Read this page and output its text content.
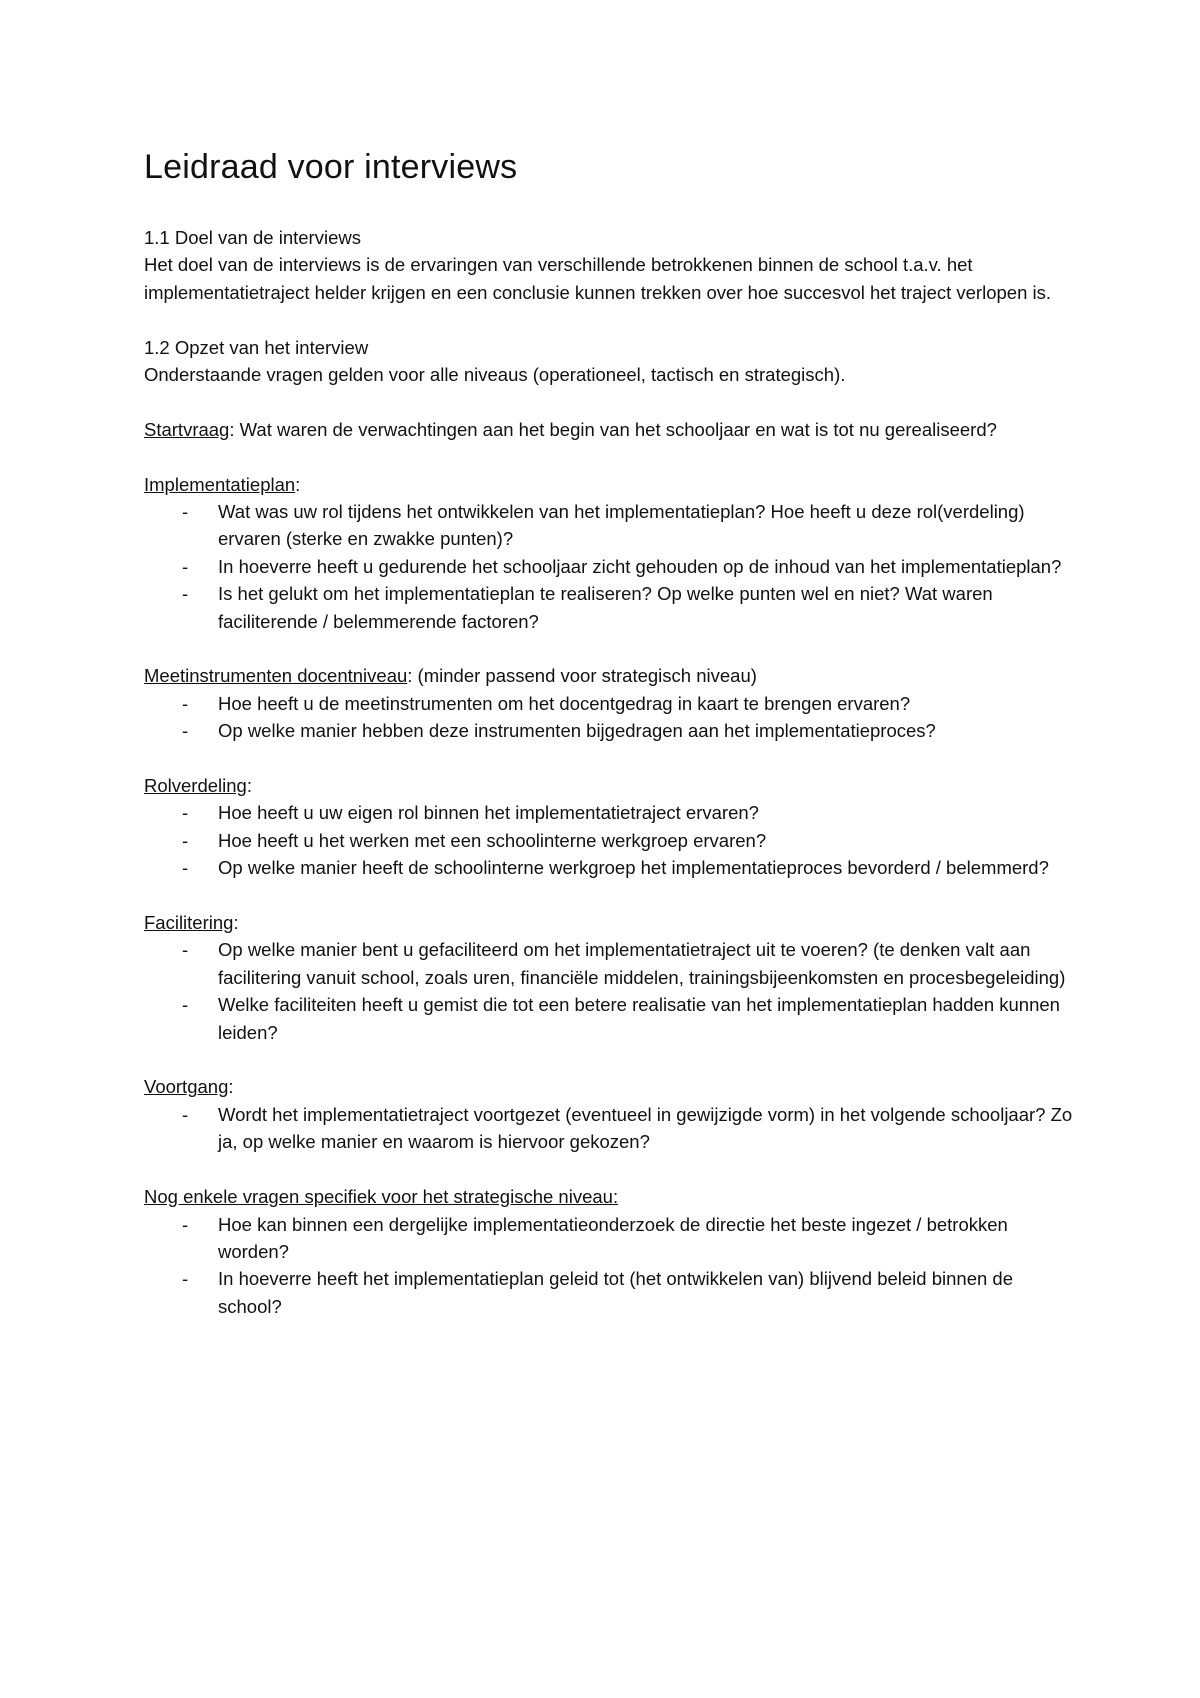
Leidraad voor interviews

1.1 Doel van de interviews

Het doel van de interviews is de ervaringen van verschillende betrokkenen binnen de school t.a.v. het implementatietraject helder krijgen en een conclusie kunnen trekken over hoe succesvol het traject verlopen is.

1.2 Opzet van het interview

Onderstaande vragen gelden voor alle niveaus (operationeel, tactisch en strategisch).

Startvraag: Wat waren de verwachtingen aan het begin van het schooljaar en wat is tot nu gerealiseerd?

Implementatieplan:

- Wat was uw rol tijdens het ontwikkelen van het implementatieplan? Hoe heeft u deze rol(verdeling) ervaren (sterke en zwakke punten)?
- In hoeverre heeft u gedurende het schooljaar zicht gehouden op de inhoud van het implementatieplan?
- Is het gelukt om het implementatieplan te realiseren? Op welke punten wel en niet? Wat waren faciliterende / belemmerende factoren?

Meetinstrumenten docentniveau: (minder passend voor strategisch niveau)

- Hoe heeft u de meetinstrumenten om het docentgedrag in kaart te brengen ervaren?
- Op welke manier hebben deze instrumenten bijgedragen aan het implementatieproces?

Rolverdeling:

- Hoe heeft u uw eigen rol binnen het implementatietraject ervaren?
- Hoe heeft u het werken met een schoolinterne werkgroep ervaren?
- Op welke manier heeft de schoolinterne werkgroep het implementatieproces bevorderd / belemmerd?

Facilitering:

- Op welke manier bent u gefaciliteerd om het implementatietraject uit te voeren? (te denken valt aan facilitering vanuit school, zoals uren, financiële middelen, trainingsbijeenkomsten en procesbegeleiding)
- Welke faciliteiten heeft u gemist die tot een betere realisatie van het implementatieplan hadden kunnen leiden?

Voortgang:

- Wordt het implementatietraject voortgezet (eventueel in gewijzigde vorm) in het volgende schooljaar? Zo ja, op welke manier en waarom is hiervoor gekozen?

Nog enkele vragen specifiek voor het strategische niveau:

- Hoe kan binnen een dergelijke implementatieonderzoek de directie het beste ingezet / betrokken worden?
- In hoeverre heeft het implementatieplan geleid tot (het ontwikkelen van) blijvend beleid binnen de school?
